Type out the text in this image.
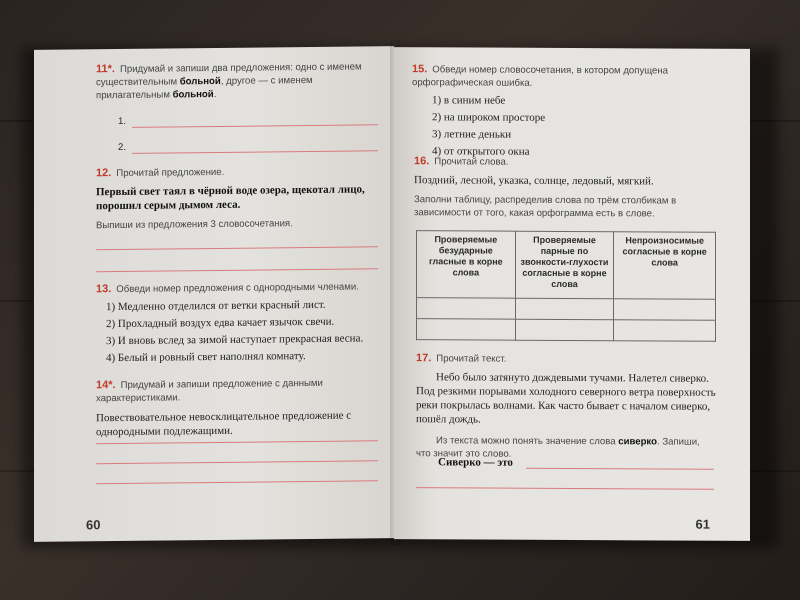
11*. Придумай и запиши два предложения: одно с именем существительным больной, другое — с именем прилагательным больной.
1.
2.
12. Прочитай предложение.
Первый свет таял в чёрной воде озера, щекотал лицо, порошил серым дымом леса.
Выпиши из предложения 3 словосочетания.
13. Обведи номер предложения с однородными членами.
1) Медленно отделился от ветки красный лист.
2) Прохладный воздух едва качает язычок свечи.
3) И вновь вслед за зимой наступает прекрасная весна.
4) Белый и ровный свет наполнял комнату.
14*. Придумай и запиши предложение с данными характеристиками.
Повествовательное невосклицательное предложение с однородными подлежащими.
60
15. Обведи номер словосочетания, в котором допущена орфографическая ошибка.
1) в синим небе
2) на широком просторе
3) летние деньки
4) от открытого окна
16. Прочитай слова.
Поздний, лесной, указка, солнце, ледовый, мягкий.
Заполни таблицу, распределив слова по трём столбикам в зависимости от того, какая орфограмма есть в слове.
Проверяемые безударные гласные в корне слова	Проверяемые парные по звонкости-глухости согласные в корне слова	Непроизносимые согласные в корне слова

17. Прочитай текст.
Небо было затянуто дождевыми тучами. Налетел сиверко. Под резкими порывами холодного северного ветра поверхность реки покрылась волнами. Как часто бывает с началом сиверко, пошёл дождь.
Из текста можно понять значение слова сиверко. Запиши, что значит это слово.
Сиверко — это
61
